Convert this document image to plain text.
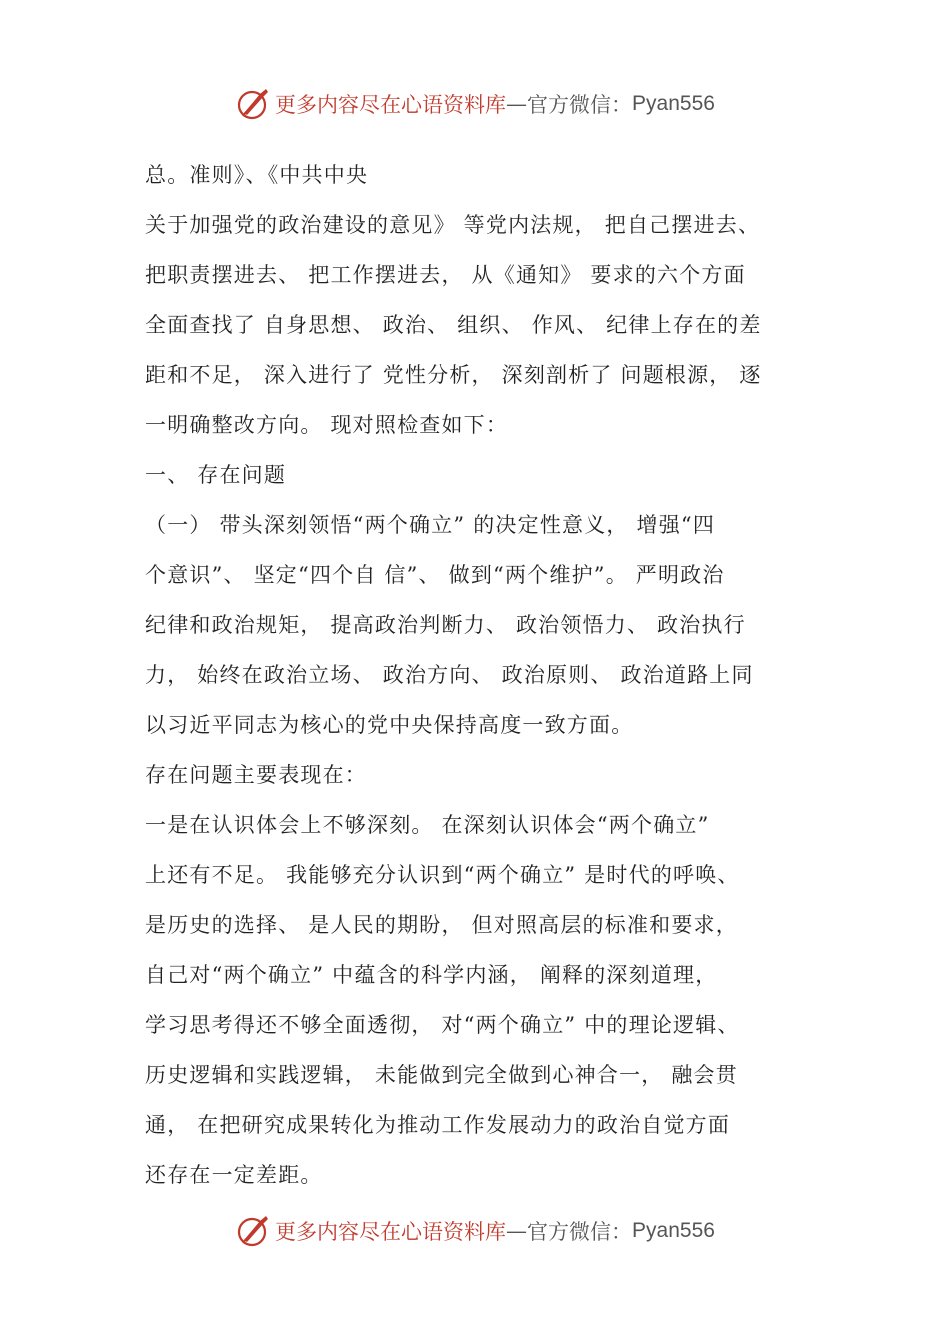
更多内容尽在心语资料库 — 官方微信： Pyan556
总。准则》、《中共中央
关于加强党的政治建设的意见》 等党内法规， 把自己摆进去、
把职责摆进去、 把工作摆进去， 从《通知》 要求的六个方面
全面查找了 自身思想、 政治、 组织、 作风、 纪律上存在的差
距和不足， 深入进行了 党性分析， 深刻剖析了 问题根源， 逐
一明确整改方向。 现对照检查如下：
一、 存在问题
（一） 带头深刻领悟“两个确立” 的决定性意义， 增强“四
个意识”、 坚定“四个自 信”、 做到“两个维护”。 严明政治
纪律和政治规矩， 提高政治判断力、 政治领悟力、 政治执行
力， 始终在政治立场、 政治方向、 政治原则、 政治道路上同
以习近平同志为核心的党中央保持高度一致方面。
存在问题主要表现在：
一是在认识体会上不够深刻。 在深刻认识体会“两个确立”
上还有不足。 我能够充分认识到“两个确立” 是时代的呼唤、
是历史的选择、 是人民的期盼， 但对照高层的标准和要求，
自己对“两个确立” 中蕴含的科学内涵， 阐释的深刻道理，
学习思考得还不够全面透彻， 对“两个确立” 中的理论逻辑、
历史逻辑和实践逻辑， 未能做到完全做到心神合一， 融会贯
通， 在把研究成果转化为推动工作发展动力的政治自觉方面
还存在一定差距。
更多内容尽在心语资料库 — 官方微信： Pyan556
